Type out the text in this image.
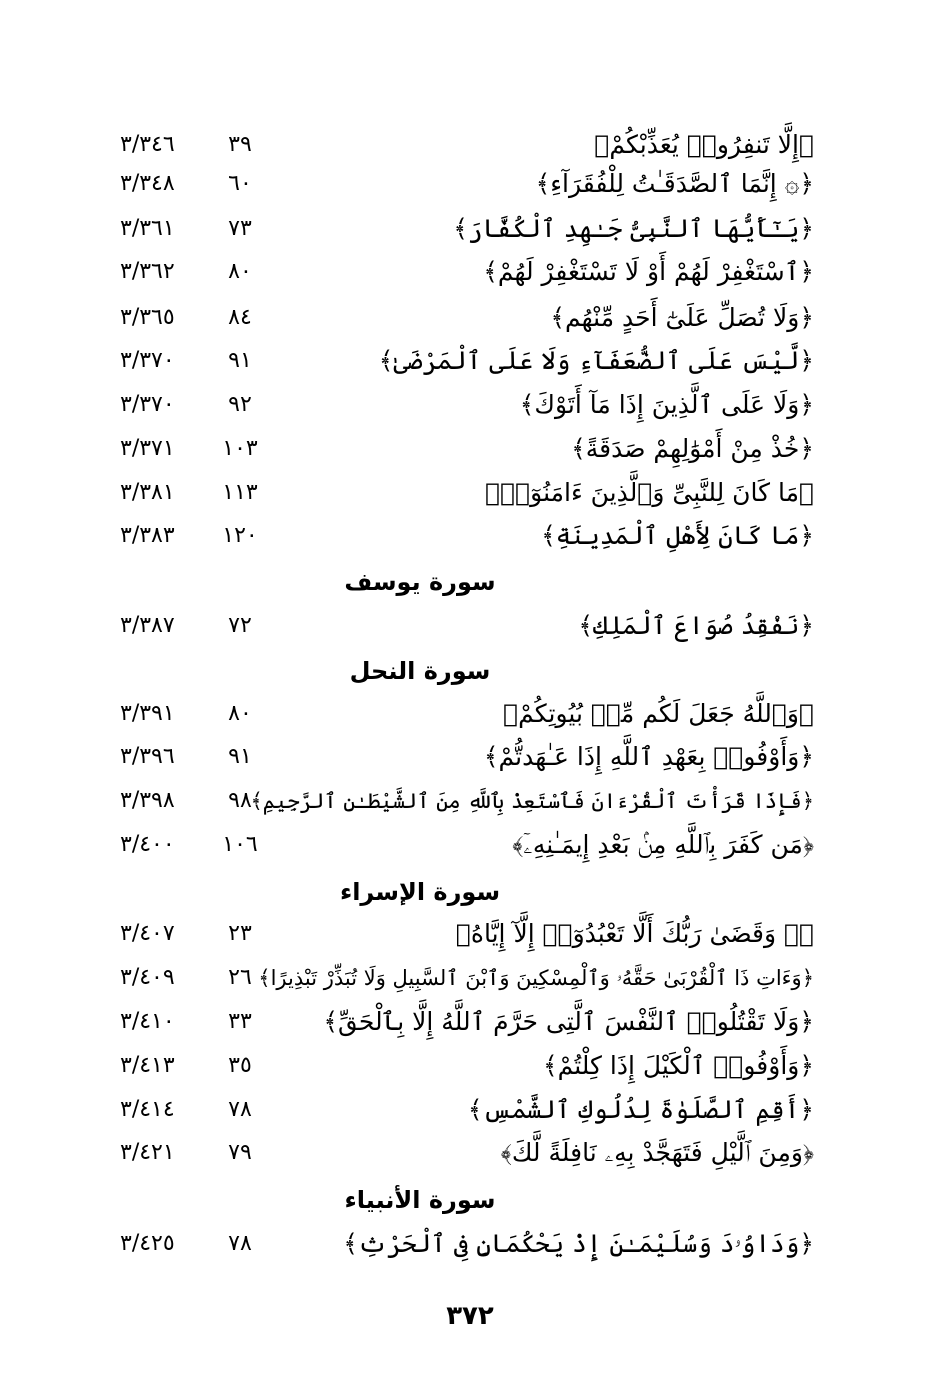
﴿إِلَّا تَنفِرُوا۟ يُعَذِّبْكُمْ﴾
٣٩
٣/٣٤٦
﴿۞ إِنَّمَا ٱلصَّدَقَـٰتُ لِلْفُقَرَآءِ﴾
٦٠
٣/٣٤٨
﴿يَـٰٓأَيُّهَا ٱلنَّبِىُّ جَـٰهِدِ ٱلْكُفَّارَ﴾
٧٣
٣/٣٦١
﴿ٱسْتَغْفِرْ لَهُمْ أَوْ لَا تَسْتَغْفِرْ لَهُمْ﴾
٨٠
٣/٣٦٢
﴿وَلَا تُصَلِّ عَلَىٰٓ أَحَدٍ مِّنْهُم﴾
٨٤
٣/٣٦٥
﴿لَّيْسَ عَلَى ٱلضُّعَفَآءِ وَلَا عَلَى ٱلْمَرْضَىٰ﴾
٩١
٣/٣٧٠
﴿وَلَا عَلَى ٱلَّذِينَ إِذَا مَآ أَتَوْكَ﴾
٩٢
٣/٣٧٠
﴿خُذْ مِنْ أَمْوَٰلِهِمْ صَدَقَةً﴾
١٠٣
٣/٣٧١
﴿مَا كَانَ لِلنَّبِىِّ وَٱلَّذِينَ ءَامَنُوٓا۟﴾
١١٣
٣/٣٨١
﴿مَا كَانَ لِأَهْلِ ٱلْمَدِينَةِ﴾
١٢٠
٣/٣٨٣
سورة يوسف
﴿نَفْقِدُ صُوَاعَ ٱلْمَلِكِ﴾
٧٢
٣/٣٨٧
سورة النحل
﴿وَٱللَّهُ جَعَلَ لَكُم مِّنۢ بُيُوتِكُمْ﴾
٨٠
٣/٣٩١
﴿وَأَوْفُوا۟ بِعَهْدِ ٱللَّهِ إِذَا عَـٰهَدتُّمْ﴾
٩١
٣/٣٩٦
﴿فَإِذَا قَرَأْتَ ٱلْقُرْءَانَ فَٱسْتَعِذْ بِٱللَّهِ مِنَ ٱلشَّيْطَـٰنِ ٱلرَّجِيمِ﴾
٩٨
٣/٣٩٨
﴿مَن كَفَرَ بِٱللَّهِ مِنۢ بَعْدِ إِيمَـٰنِهِۦٓ﴾
١٠٦
٣/٤٠٠
سورة الإسراء
﴿۞ وَقَضَىٰ رَبُّكَ أَلَّا تَعْبُدُوٓا۟ إِلَّآ إِيَّاهُ﴾
٢٣
٣/٤٠٧
﴿وَءَاتِ ذَا ٱلْقُرْبَىٰ حَقَّهُۥ وَٱلْمِسْكِينَ وَٱبْنَ ٱلسَّبِيلِ وَلَا تُبَذِّرْ تَبْذِيرًا﴾
٢٦
٣/٤٠٩
﴿وَلَا تَقْتُلُوا۟ ٱلنَّفْسَ ٱلَّتِى حَرَّمَ ٱللَّهُ إِلَّا بِٱلْحَقِّ﴾
٣٣
٣/٤١٠
﴿وَأَوْفُوا۟ ٱلْكَيْلَ إِذَا كِلْتُمْ﴾
٣٥
٣/٤١٣
﴿أَقِمِ ٱلصَّلَوٰةَ لِدُلُوكِ ٱلشَّمْسِ﴾
٧٨
٣/٤١٤
﴿وَمِنَ ٱلَّيْلِ فَتَهَجَّدْ بِهِۦ نَافِلَةً لَّكَ﴾
٧٩
٣/٤٢١
سورة الأنبياء
﴿وَدَاوُۥدَ وَسُلَيْمَـٰنَ إِذْ يَحْكُمَانِ فِى ٱلْحَرْثِ﴾
٧٨
٣/٤٢٥
٣٧٢
